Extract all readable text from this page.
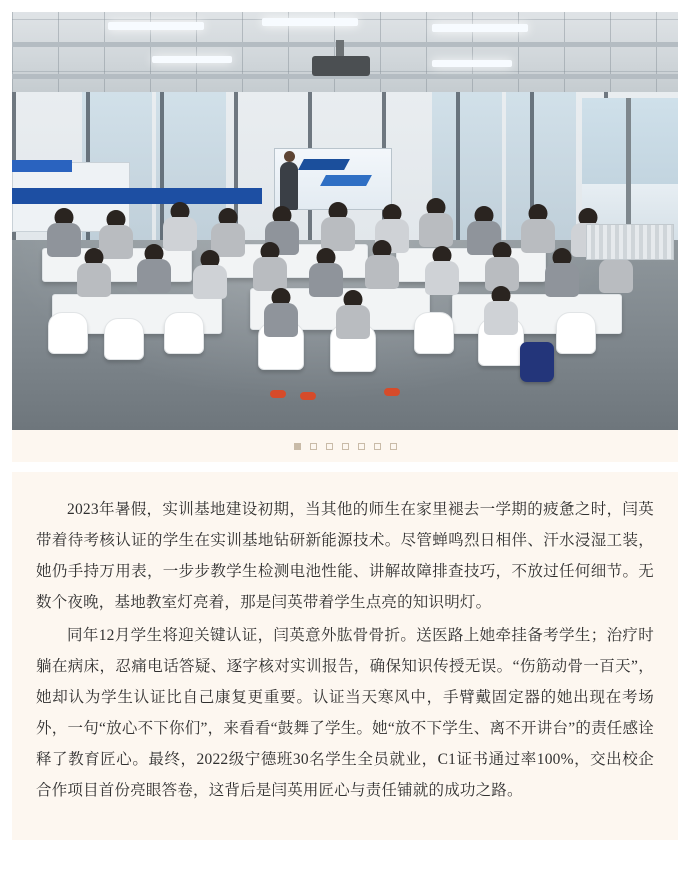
2023年暑假，实训基地建设初期，当其他的师生在家里褪去一学期的疲惫之时，闫英带着待考核认证的学生在实训基地钻研新能源技术。尽管蝉鸣烈日相伴、汗水浸湿工装，她仍手持万用表，一步步教学生检测电池性能、讲解故障排查技巧，不放过任何细节。无数个夜晚，基地教室灯亮着，那是闫英带着学生点亮的知识明灯。

同年12月学生将迎关键认证，闫英意外肱骨骨折。送医路上她牵挂备考学生；治疗时躺在病床，忍痛电话答疑、逐字核对实训报告，确保知识传授无误。“伤筋动骨一百天”，她却认为学生认证比自己康复更重要。认证当天寒风中，手臂戴固定器的她出现在考场外，一句“放心不下你们”，来看看“鼓舞了学生。她“放不下学生、离不开讲台”的责任感诠释了教育匠心。最终，2022级宁德班30名学生全员就业，C1证书通过率100%，交出校企合作项目首份亮眼答卷，这背后是闫英用匠心与责任铺就的成功之路。
